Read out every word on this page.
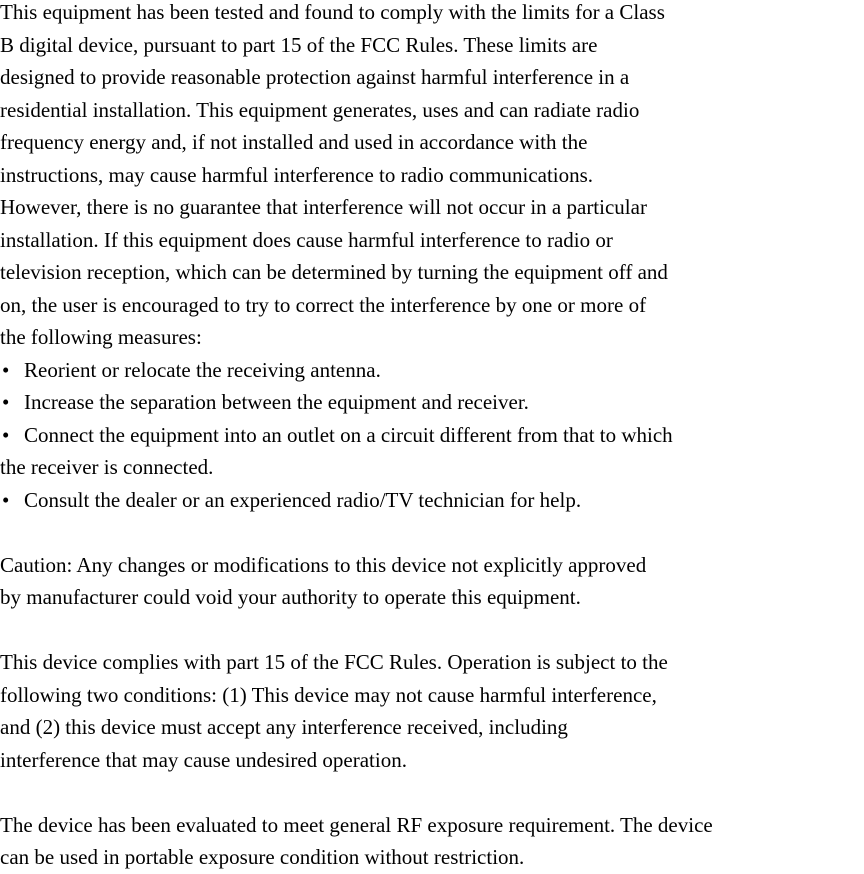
This equipment has been tested and found to comply with the limits for a Class
B digital device, pursuant to part 15 of the FCC Rules. These limits are
designed to provide reasonable protection against harmful interference in a
residential installation. This equipment generates, uses and can radiate radio
frequency energy and, if not installed and used in accordance with the
instructions, may cause harmful interference to radio communications.
However, there is no guarantee that interference will not occur in a particular
installation. If this equipment does cause harmful interference to radio or
television reception, which can be determined by turning the equipment off and
on, the user is encouraged to try to correct the interference by one or more of
the following measures:
• Reorient or relocate the receiving antenna.
• Increase the separation between the equipment and receiver.
• Connect the equipment into an outlet on a circuit different from that to which
the receiver is connected.
• Consult the dealer or an experienced radio/TV technician for help.
Caution: Any changes or modifications to this device not explicitly approved
by manufacturer could void your authority to operate this equipment.
This device complies with part 15 of the FCC Rules. Operation is subject to the
following two conditions: (1) This device may not cause harmful interference,
and (2) this device must accept any interference received, including
interference that may cause undesired operation.
The device has been evaluated to meet general RF exposure requirement. The device
can be used in portable exposure condition without restriction.
